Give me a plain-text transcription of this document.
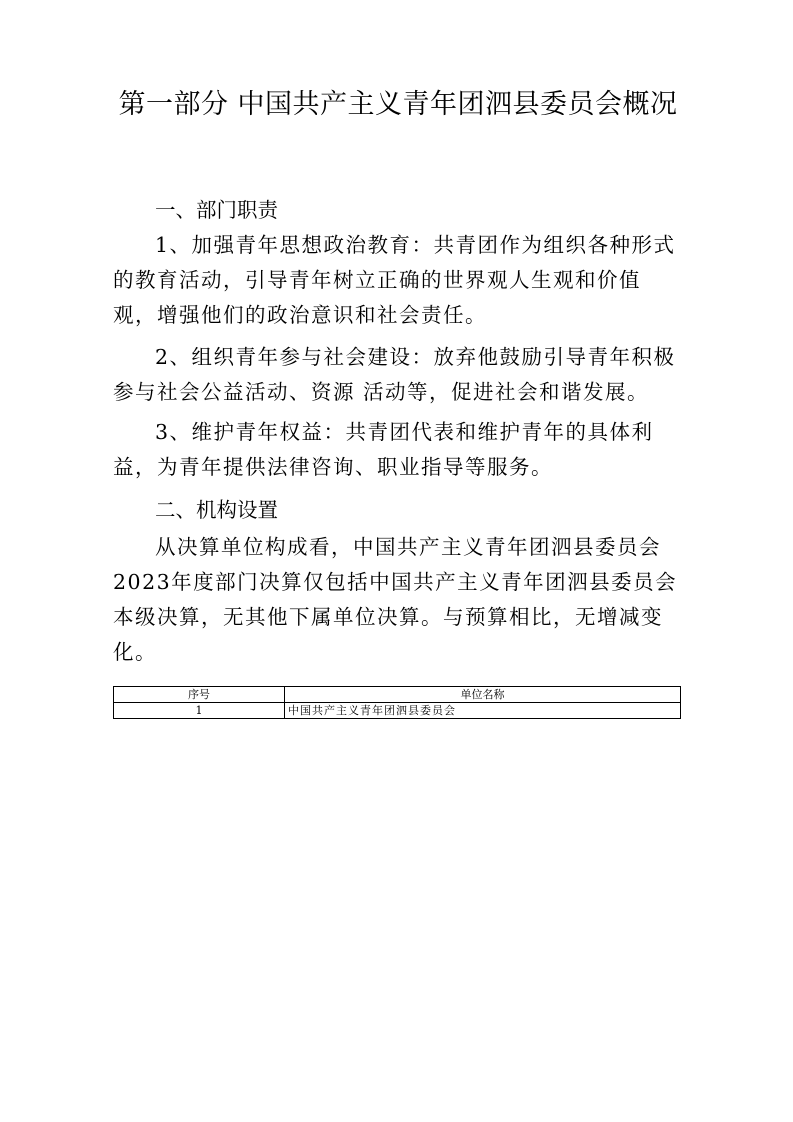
第一部分 中国共产主义青年团泗县委员会概况
一、部门职责

1、加强青年思想政治教育：共青团作为组织各种形式的教育活动，引导青年树立正确的世界观人生观和价值观，增强他们的政治意识和社会责任。

2、组织青年参与社会建设：放弃他鼓励引导青年积极参与社会公益活动、资源 活动等，促进社会和谐发展。

3、维护青年权益：共青团代表和维护青年的具体利益，为青年提供法律咨询、职业指导等服务。

二、机构设置

从决算单位构成看，中国共产主义青年团泗县委员会2023年度部门决算仅包括中国共产主义青年团泗县委员会本级决算，无其他下属单位决算。与预算相比，无增减变化。

序号	单位名称
1	中国共产主义青年团泗县委员会
